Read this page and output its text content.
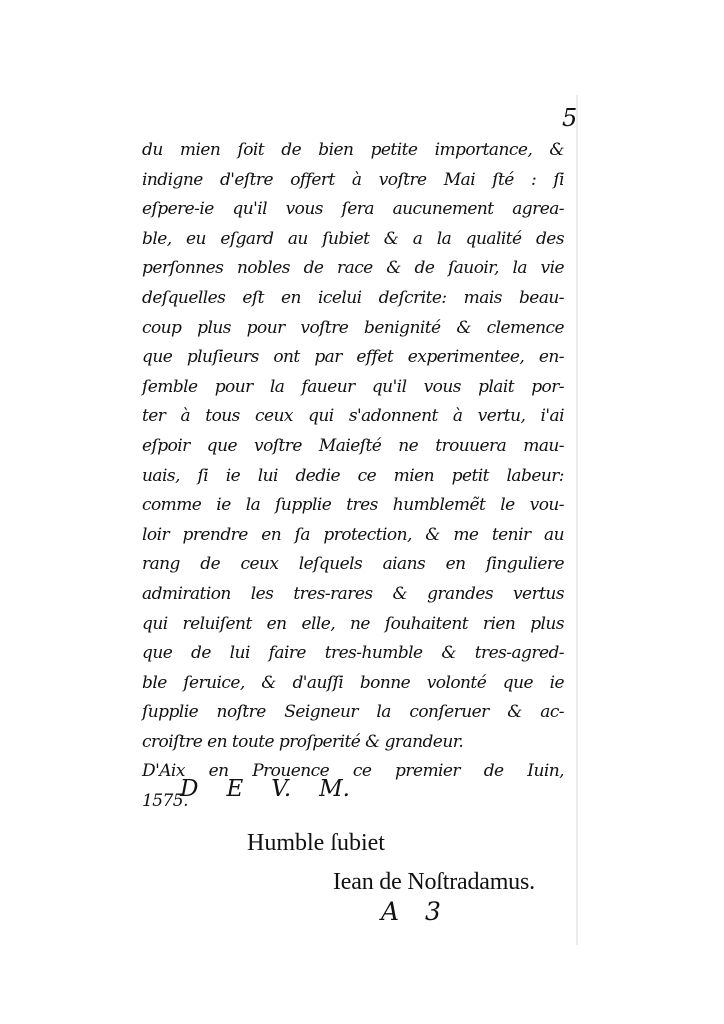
5
du mien ſoit de bien petite importance, &
indigne d'eſtre offert à voſtre Mai ſté : ſi
eſpere-ie qu'il vous ſera aucunement agrea-
ble, eu eſgard au ſubiet & a la qualité des
perſonnes nobles de race & de ſauoir, la vie
deſquelles eſt en icelui deſcrite: mais beau-
coup plus pour voſtre benignité & clemence
que pluſieurs ont par effet experimentee, en-
ſemble pour la faueur qu'il vous plait por-
ter à tous ceux qui s'adonnent à vertu, i'ai
eſpoir que voſtre Maieſté ne trouuera mau-
uais, ſi ie lui dedie ce mien petit labeur:
comme ie la ſupplie tres humblemẽt le vou-
loir prendre en ſa protection, & me tenir au
rang de ceux leſquels aians en ſinguliere
admiration les tres-rares & grandes vertus
qui reluiſent en elle, ne ſouhaitent rien plus
que de lui faire tres-humble & tres-agred-
ble ſeruice, & d'auſſi bonne volonté que ie
ſupplie noſtre Seigneur la conſeruer & ac-
croiſtre en toute proſperité & grandeur.
D'Aix en Prouence ce premier de Iuin,
1575.
D E V. M.
Humble ſubiet
Iean de Noſtradamus.
A 3
